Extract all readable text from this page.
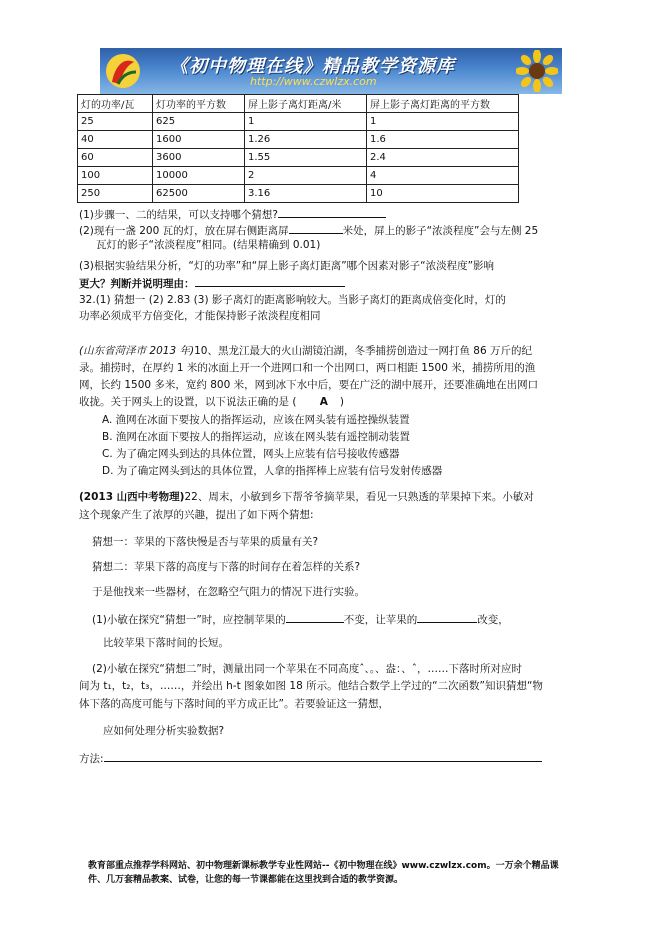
《初中物理在线》精品教学资源库
http://www.czwlzx.com
灯的功率/瓦	灯功率的平方数	屏上影子离灯距离/米	屏上影子离灯距离的平方数
25	625	1	1
40	1600	1.26	1.6
60	3600	1.55	2.4
100	10000	2	4
250	62500	3.16	10
(1)步骤一、二的结果，可以支持哪个猜想?
(2)现有一盏 200 瓦的灯，放在屏右侧距离屏	米处，屏上的影子“浓淡程度”会与左侧 25
瓦灯的影子“浓淡程度”相同。(结果精确到 0.01)
(3)根据实验结果分析，“灯的功率”和“屏上影子离灯距离”哪个因素对影子“浓淡程度”影响
更大？判断并说明理由：
32.(1) 猜想一 (2) 2.83 (3) 影子离灯的距离影响较大。当影子离灯的距离成倍变化时，灯的
功率必须成平方倍变化，才能保持影子浓淡程度相同
(山东省菏泽市 2013 年)10、黑龙江最大的火山湖镜泊湖，冬季捕捞创造过一网打鱼 86 万斤的纪
录。捕捞时，在厚约 1 米的冰面上开一个进网口和一个出网口，两口相距 1500 米，捕捞所用的渔
网，长约 1500 多米，宽约 800 米，网到冰下水中后，要在广泛的湖中展开，还要准确地在出网口
收拢。关于网头上的设置，以下说法正确的是 ( A )
A. 渔网在冰面下要按人的指挥运动，应该在网头装有遥控操纵装置
B. 渔网在冰面下要按人的指挥运动，应该在网头装有遥控制动装置
C. 为了确定网头到达的具体位置，网头上应装有信号接收传感器
D. 为了确定网头到达的具体位置，人拿的指挥棒上应装有信号发射传感器
(2013 山西中考物理)22、周末，小敏到乡下帮爷爷摘苹果，看见一只熟透的苹果掉下来。小敏对
这个现象产生了浓厚的兴趣，提出了如下两个猜想:
猜想一：苹果的下落快慢是否与苹果的质量有关?
猜想二：苹果下落的高度与下落的时间存在着怎样的关系?
于是他找来一些器材，在忽略空气阻力的情况下进行实验。
(1)小敏在探究“猜想一”时，应控制苹果的	不变，让苹果的	改变，
比较苹果下落时间的长短。
(2)小敏在探究“猜想二”时，测量出同一个苹果在不同高度ˆ、。、盎：、ˆ，……下落时所对应时
间为 t₁，t₂，t₃，……，并绘出 h-t 图象如图 18 所示。他结合数学上学过的“二次函数”知识猜想“物
体下落的高度可能与下落时间的平方成正比”。若要验证这一猜想，
应如何处理分析实验数据?
方法:
教育部重点推荐学科网站、初中物理新课标教学专业性网站--《初中物理在线》www.czwlzx.com。一万余个精品课
件、几万套精品教案、试卷，让您的每一节课都能在这里找到合适的教学资源。
